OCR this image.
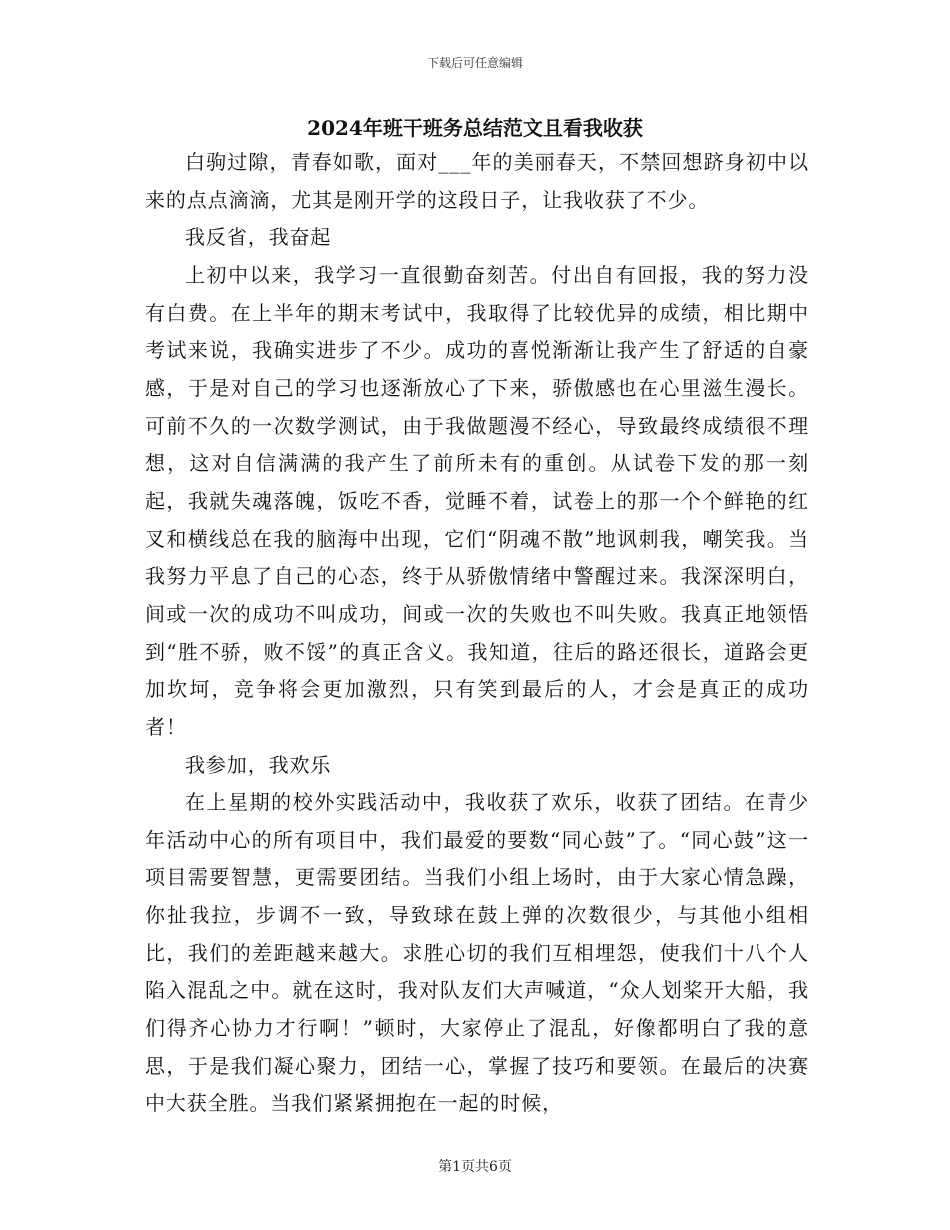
下载后可任意编辑
2024年班干班务总结范文且看我收获

白驹过隙，青春如歌，面对___年的美丽春天，不禁回想跻身初中以来的点点滴滴，尤其是刚开学的这段日子，让我收获了不少。

我反省，我奋起

上初中以来，我学习一直很勤奋刻苦。付出自有回报，我的努力没有白费。在上半年的期末考试中，我取得了比较优异的成绩，相比期中考试来说，我确实进步了不少。成功的喜悦渐渐让我产生了舒适的自豪感，于是对自己的学习也逐渐放心了下来，骄傲感也在心里滋生漫长。可前不久的一次数学测试，由于我做题漫不经心，导致最终成绩很不理想，这对自信满满的我产生了前所未有的重创。从试卷下发的那一刻起，我就失魂落魄，饭吃不香，觉睡不着，试卷上的那一个个鲜艳的红叉和横线总在我的脑海中出现，它们“阴魂不散”地讽刺我，嘲笑我。当我努力平息了自己的心态，终于从骄傲情绪中警醒过来。我深深明白，间或一次的成功不叫成功，间或一次的失败也不叫失败。我真正地领悟到“胜不骄，败不馁”的真正含义。我知道，往后的路还很长，道路会更加坎坷，竞争将会更加激烈，只有笑到最后的人，才会是真正的成功者！

我参加，我欢乐

在上星期的校外实践活动中，我收获了欢乐，收获了团结。在青少年活动中心的所有项目中，我们最爱的要数“同心鼓”了。“同心鼓”这一项目需要智慧，更需要团结。当我们小组上场时，由于大家心情急躁，你扯我拉，步调不一致，导致球在鼓上弹的次数很少，与其他小组相比，我们的差距越来越大。求胜心切的我们互相埋怨，使我们十八个人陷入混乱之中。就在这时，我对队友们大声喊道，“众人划桨开大船，我们得齐心协力才行啊！”顿时，大家停止了混乱，好像都明白了我的意思，于是我们凝心聚力，团结一心，掌握了技巧和要领。在最后的决赛中大获全胜。当我们紧紧拥抱在一起的时候，

第1页共6页
